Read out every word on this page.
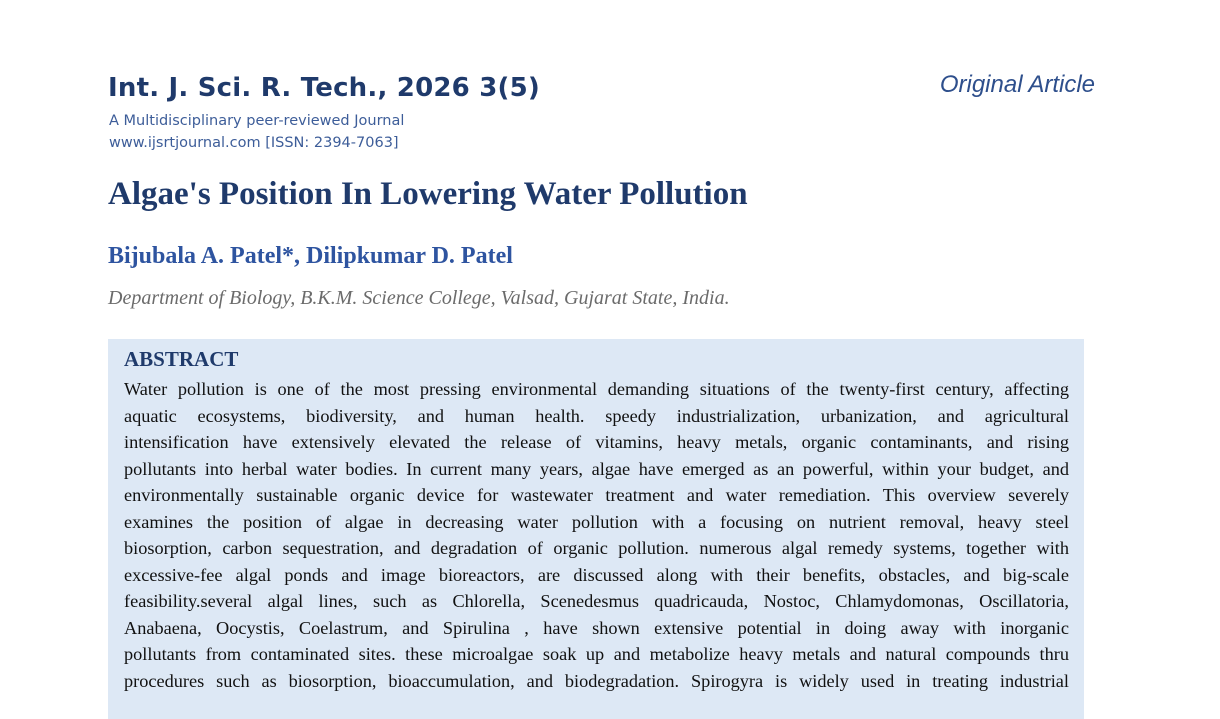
Int. J. Sci. R. Tech., 2026 3(5)
A Multidisciplinary peer-reviewed Journal
www.ijsrtjournal.com [ISSN: 2394-7063]
Original Article
Algae's Position In Lowering Water Pollution
Bijubala A. Patel*, Dilipkumar D. Patel
Department of Biology, B.K.M. Science College, Valsad, Gujarat State, India.
ABSTRACT
Water pollution is one of the most pressing environmental demanding situations of the twenty-first century, affecting
aquatic ecosystems, biodiversity, and human health. speedy industrialization, urbanization, and agricultural
intensification have extensively elevated the release of vitamins, heavy metals, organic contaminants, and rising
pollutants into herbal water bodies. In current many years, algae have emerged as an powerful, within your budget, and
environmentally sustainable organic device for wastewater treatment and water remediation. This overview severely
examines the position of algae in decreasing water pollution with a focusing on nutrient removal, heavy steel
biosorption, carbon sequestration, and degradation of organic pollution. numerous algal remedy systems, together with
excessive-fee algal ponds and image bioreactors, are discussed along with their benefits, obstacles, and big-scale
feasibility.several algal lines, such as Chlorella, Scenedesmus quadricauda, Nostoc, Chlamydomonas, Oscillatoria,
Anabaena, Oocystis, Coelastrum, and Spirulina , have shown extensive potential in doing away with inorganic
pollutants from contaminated sites. these microalgae soak up and metabolize heavy metals and natural compounds thru
procedures such as biosorption, bioaccumulation, and biodegradation. Spirogyra is widely used in treating industrial
